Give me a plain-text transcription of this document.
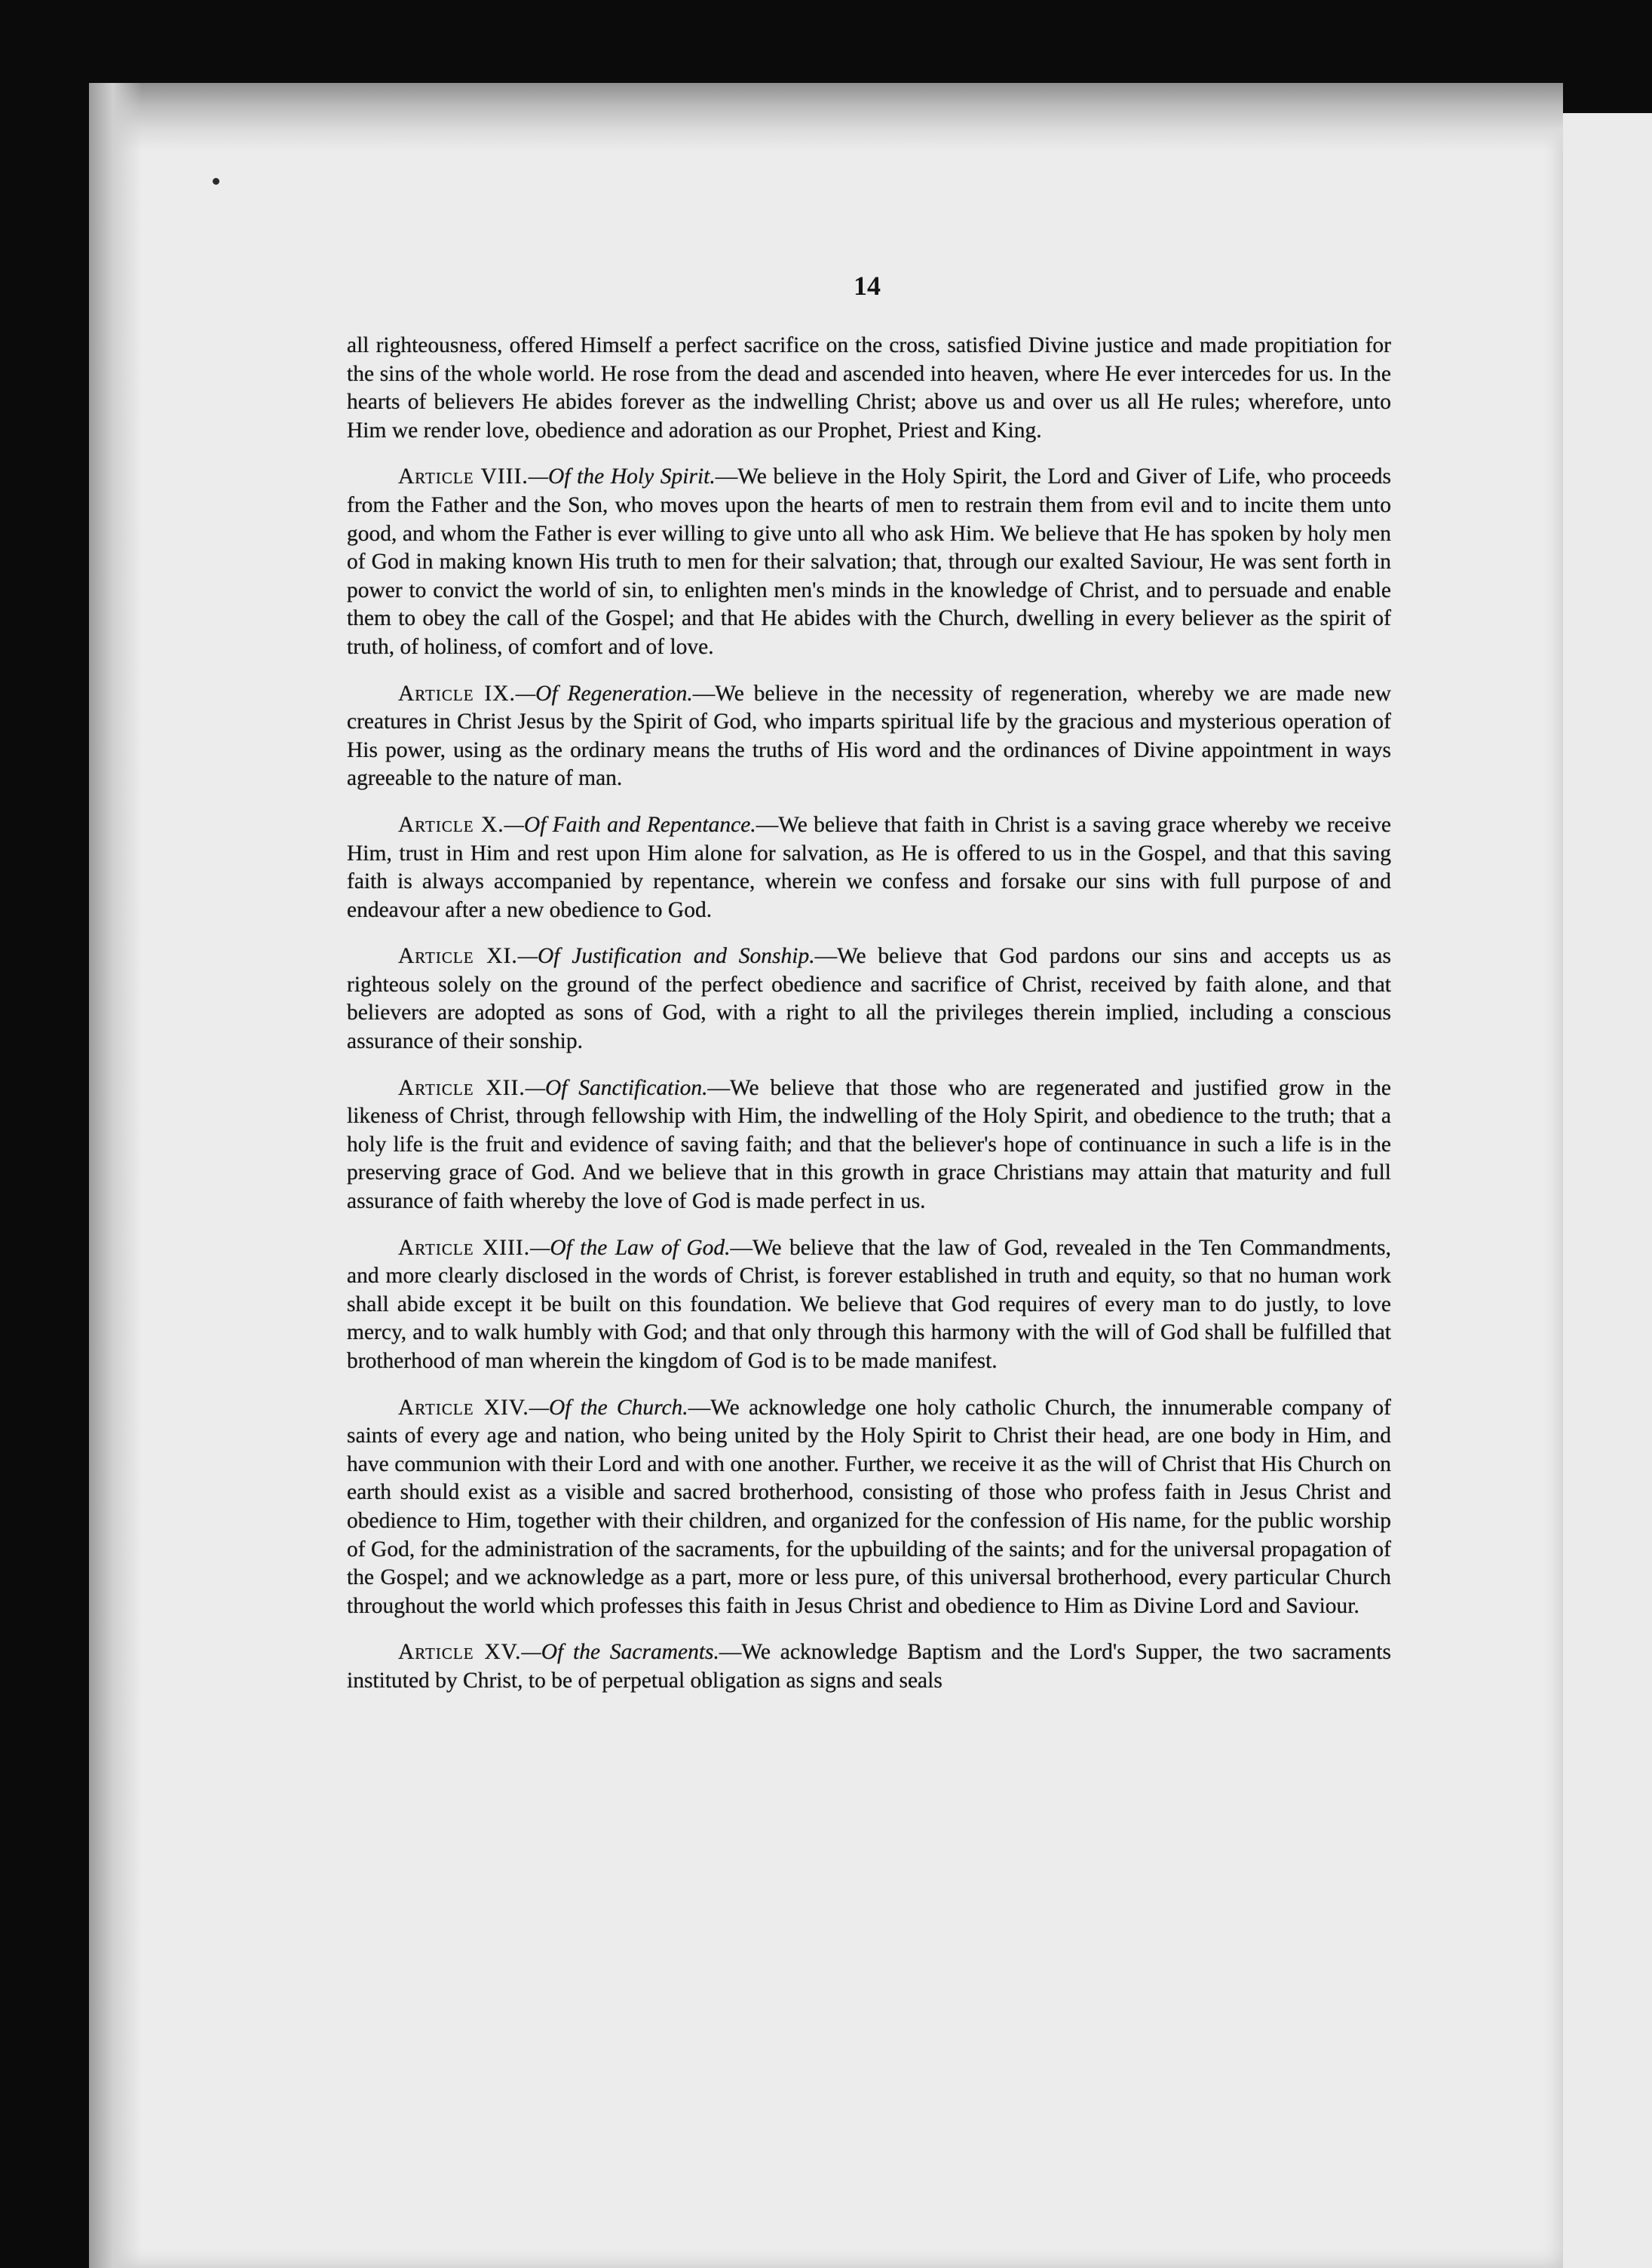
14

all righteousness, offered Himself a perfect sacrifice on the cross, satisfied Divine justice and made propitiation for the sins of the whole world. He rose from the dead and ascended into heaven, where He ever intercedes for us. In the hearts of believers He abides forever as the indwelling Christ; above us and over us all He rules; wherefore, unto Him we render love, obedience and adoration as our Prophet, Priest and King.

Article VIII.—Of the Holy Spirit.—We believe in the Holy Spirit, the Lord and Giver of Life, who proceeds from the Father and the Son, who moves upon the hearts of men to restrain them from evil and to incite them unto good, and whom the Father is ever willing to give unto all who ask Him. We believe that He has spoken by holy men of God in making known His truth to men for their salvation; that, through our exalted Saviour, He was sent forth in power to convict the world of sin, to enlighten men's minds in the knowledge of Christ, and to persuade and enable them to obey the call of the Gospel; and that He abides with the Church, dwelling in every believer as the spirit of truth, of holiness, of comfort and of love.

Article IX.—Of Regeneration.—We believe in the necessity of regeneration, whereby we are made new creatures in Christ Jesus by the Spirit of God, who imparts spiritual life by the gracious and mysterious operation of His power, using as the ordinary means the truths of His word and the ordinances of Divine appointment in ways agreeable to the nature of man.

Article X.—Of Faith and Repentance.—We believe that faith in Christ is a saving grace whereby we receive Him, trust in Him and rest upon Him alone for salvation, as He is offered to us in the Gospel, and that this saving faith is always accompanied by repentance, wherein we confess and forsake our sins with full purpose of and endeavour after a new obedience to God.

Article XI.—Of Justification and Sonship.—We believe that God pardons our sins and accepts us as righteous solely on the ground of the perfect obedience and sacrifice of Christ, received by faith alone, and that believers are adopted as sons of God, with a right to all the privileges therein implied, including a conscious assurance of their sonship.

Article XII.—Of Sanctification.—We believe that those who are regenerated and justified grow in the likeness of Christ, through fellowship with Him, the indwelling of the Holy Spirit, and obedience to the truth; that a holy life is the fruit and evidence of saving faith; and that the believer's hope of continuance in such a life is in the preserving grace of God. And we believe that in this growth in grace Christians may attain that maturity and full assurance of faith whereby the love of God is made perfect in us.

Article XIII.—Of the Law of God.—We believe that the law of God, revealed in the Ten Commandments, and more clearly disclosed in the words of Christ, is forever established in truth and equity, so that no human work shall abide except it be built on this foundation. We believe that God requires of every man to do justly, to love mercy, and to walk humbly with God; and that only through this harmony with the will of God shall be fulfilled that brotherhood of man wherein the kingdom of God is to be made manifest.

Article XIV.—Of the Church.—We acknowledge one holy catholic Church, the innumerable company of saints of every age and nation, who being united by the Holy Spirit to Christ their head, are one body in Him, and have communion with their Lord and with one another. Further, we receive it as the will of Christ that His Church on earth should exist as a visible and sacred brotherhood, consisting of those who profess faith in Jesus Christ and obedience to Him, together with their children, and organized for the confession of His name, for the public worship of God, for the administration of the sacraments, for the upbuilding of the saints; and for the universal propagation of the Gospel; and we acknowledge as a part, more or less pure, of this universal brotherhood, every particular Church throughout the world which professes this faith in Jesus Christ and obedience to Him as Divine Lord and Saviour.

Article XV.—Of the Sacraments.—We acknowledge Baptism and the Lord's Supper, the two sacraments instituted by Christ, to be of perpetual obligation as signs and seals
